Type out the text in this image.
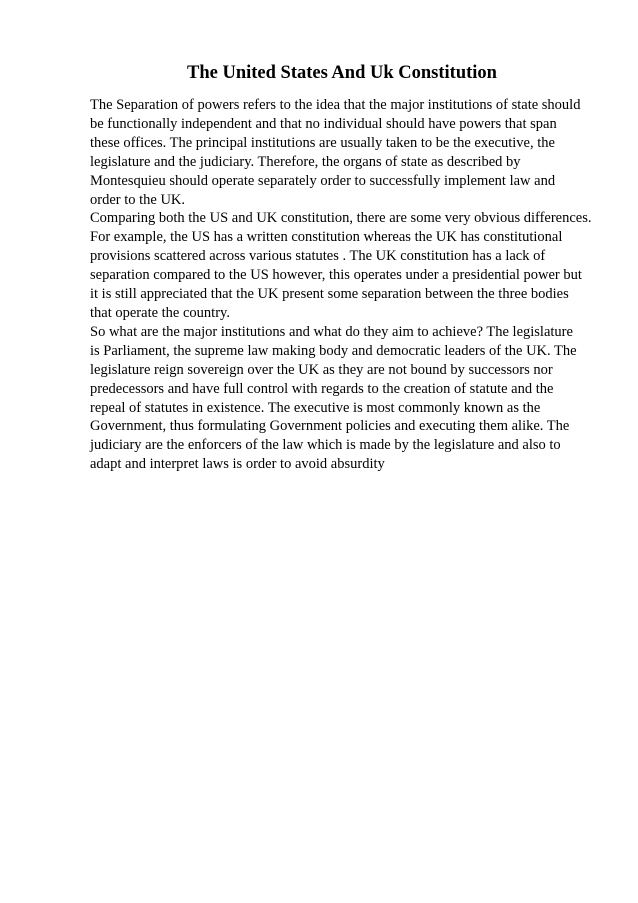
The United States And Uk Constitution

The Separation of powers refers to the idea that the major institutions of state should
be functionally independent and that no individual should have powers that span
these offices. The principal institutions are usually taken to be the executive, the
legislature and the judiciary. Therefore, the organs of state as described by
Montesquieu should operate separately order to successfully implement law and
order to the UK.

Comparing both the US and UK constitution, there are some very obvious differences.
For example, the US has a written constitution whereas the UK has constitutional
provisions scattered across various statutes . The UK constitution has a lack of
separation compared to the US however, this operates under a presidential power but
it is still appreciated that the UK present some separation between the three bodies
that operate the country.

So what are the major institutions and what do they aim to achieve? The legislature
is Parliament, the supreme law making body and democratic leaders of the UK. The
legislature reign sovereign over the UK as they are not bound by successors nor
predecessors and have full control with regards to the creation of statute and the
repeal of statutes in existence. The executive is most commonly known as the
Government, thus formulating Government policies and executing them alike. The
judiciary are the enforcers of the law which is made by the legislature and also to
adapt and interpret laws is order to avoid absurdity
